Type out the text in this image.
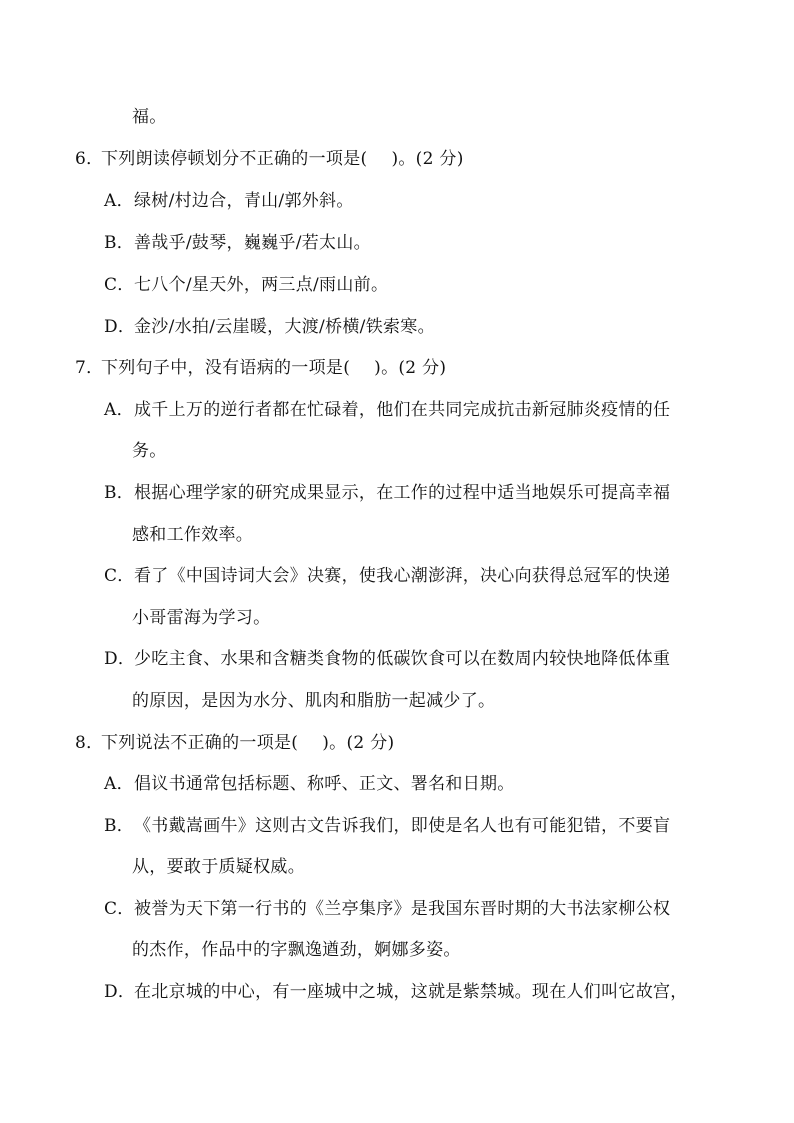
福。
6．下列朗读停顿划分不正确的一项是( )。(2 分)
A．绿树/村边合，青山/郭外斜。
B．善哉乎/鼓琴，巍巍乎/若太山。
C．七八个/星天外，两三点/雨山前。
D．金沙/水拍/云崖暖，大渡/桥横/铁索寒。
7．下列句子中，没有语病的一项是( )。(2 分)
A．成千上万的逆行者都在忙碌着，他们在共同完成抗击新冠肺炎疫情的任
务。
B．根据心理学家的研究成果显示，在工作的过程中适当地娱乐可提高幸福
感和工作效率。
C．看了《中国诗词大会》决赛，使我心潮澎湃，决心向获得总冠军的快递
小哥雷海为学习。
D．少吃主食、水果和含糖类食物的低碳饮食可以在数周内较快地降低体重
的原因，是因为水分、肌肉和脂肪一起减少了。
8．下列说法不正确的一项是( )。(2 分)
A．倡议书通常包括标题、称呼、正文、署名和日期。
B．《书戴嵩画牛》这则古文告诉我们，即使是名人也有可能犯错，不要盲
从，要敢于质疑权威。
C．被誉为天下第一行书的《兰亭集序》是我国东晋时期的大书法家柳公权
的杰作，作品中的字飘逸遒劲，婀娜多姿。
D．在北京城的中心，有一座城中之城，这就是紫禁城。现在人们叫它故宫，
